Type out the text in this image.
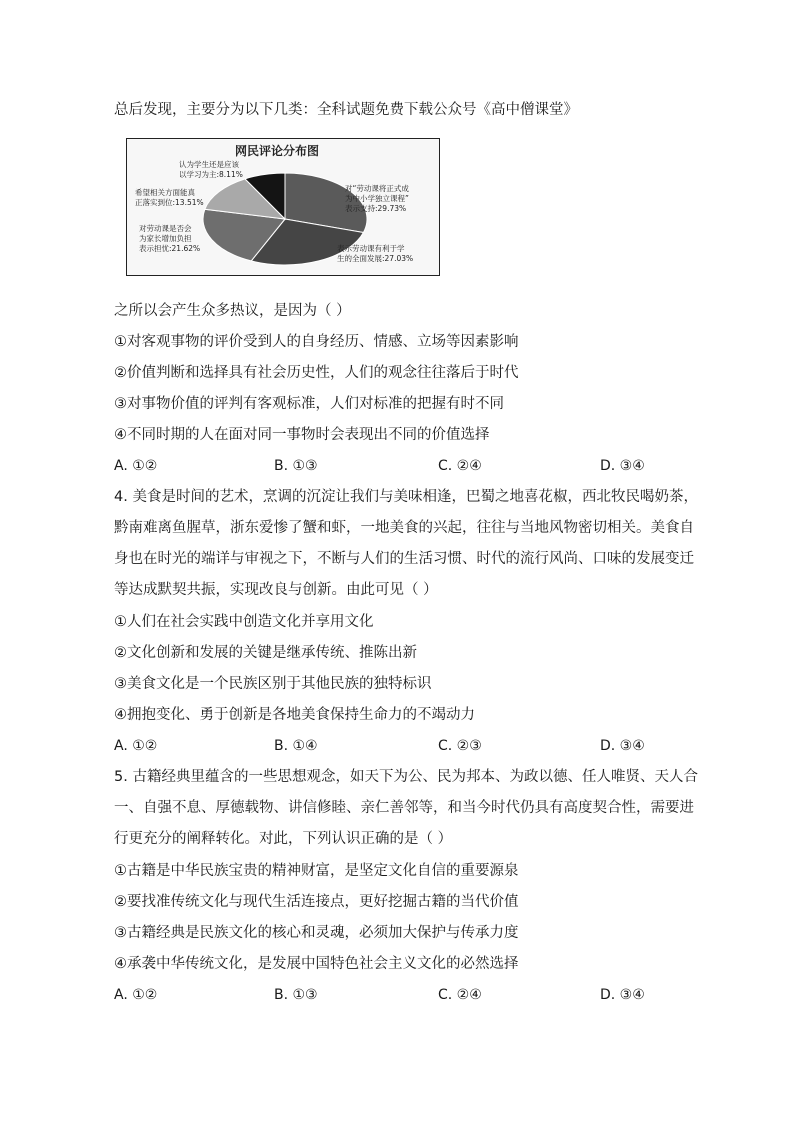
总后发现，主要分为以下几类：全科试题免费下载公众号《高中僧课堂》
网民评论分布图
对“劳动课将正式成为中小学独立课程”表示支持:29.73%
表示劳动课有利于学生的全面发展:27.03%
对劳动课是否会为家长增加负担表示担忧:21.62%
希望相关方面能真正落实到位:13.51%
认为学生还是应该以学习为主:8.11%
之所以会产生众多热议，是因为（ ）
①对客观事物的评价受到人的自身经历、情感、立场等因素影响
②价值判断和选择具有社会历史性，人们的观念往往落后于时代
③对事物价值的评判有客观标准，人们对标准的把握有时不同
④不同时期的人在面对同一事物时会表现出不同的价值选择
A. ①②	B. ①③	C. ②④	D. ③④
4. 美食是时间的艺术，烹调的沉淀让我们与美味相逢，巴蜀之地喜花椒，西北牧民喝奶茶，
黔南难离鱼腥草，浙东爱惨了蟹和虾，一地美食的兴起，往往与当地风物密切相关。美食自
身也在时光的端详与审视之下，不断与人们的生活习惯、时代的流行风尚、口味的发展变迁
等达成默契共振，实现改良与创新。由此可见（ ）
①人们在社会实践中创造文化并享用文化
②文化创新和发展的关键是继承传统、推陈出新
③美食文化是一个民族区别于其他民族的独特标识
④拥抱变化、勇于创新是各地美食保持生命力的不竭动力
A. ①②	B. ①④	C. ②③	D. ③④
5. 古籍经典里蕴含的一些思想观念，如天下为公、民为邦本、为政以德、任人唯贤、天人合
一、自强不息、厚德载物、讲信修睦、亲仁善邻等，和当今时代仍具有高度契合性，需要进
行更充分的阐释转化。对此，下列认识正确的是（ ）
①古籍是中华民族宝贵的精神财富，是坚定文化自信的重要源泉
②要找准传统文化与现代生活连接点，更好挖掘古籍的当代价值
③古籍经典是民族文化的核心和灵魂，必须加大保护与传承力度
④承袭中华传统文化，是发展中国特色社会主义文化的必然选择
A. ①②	B. ①③	C. ②④	D. ③④
